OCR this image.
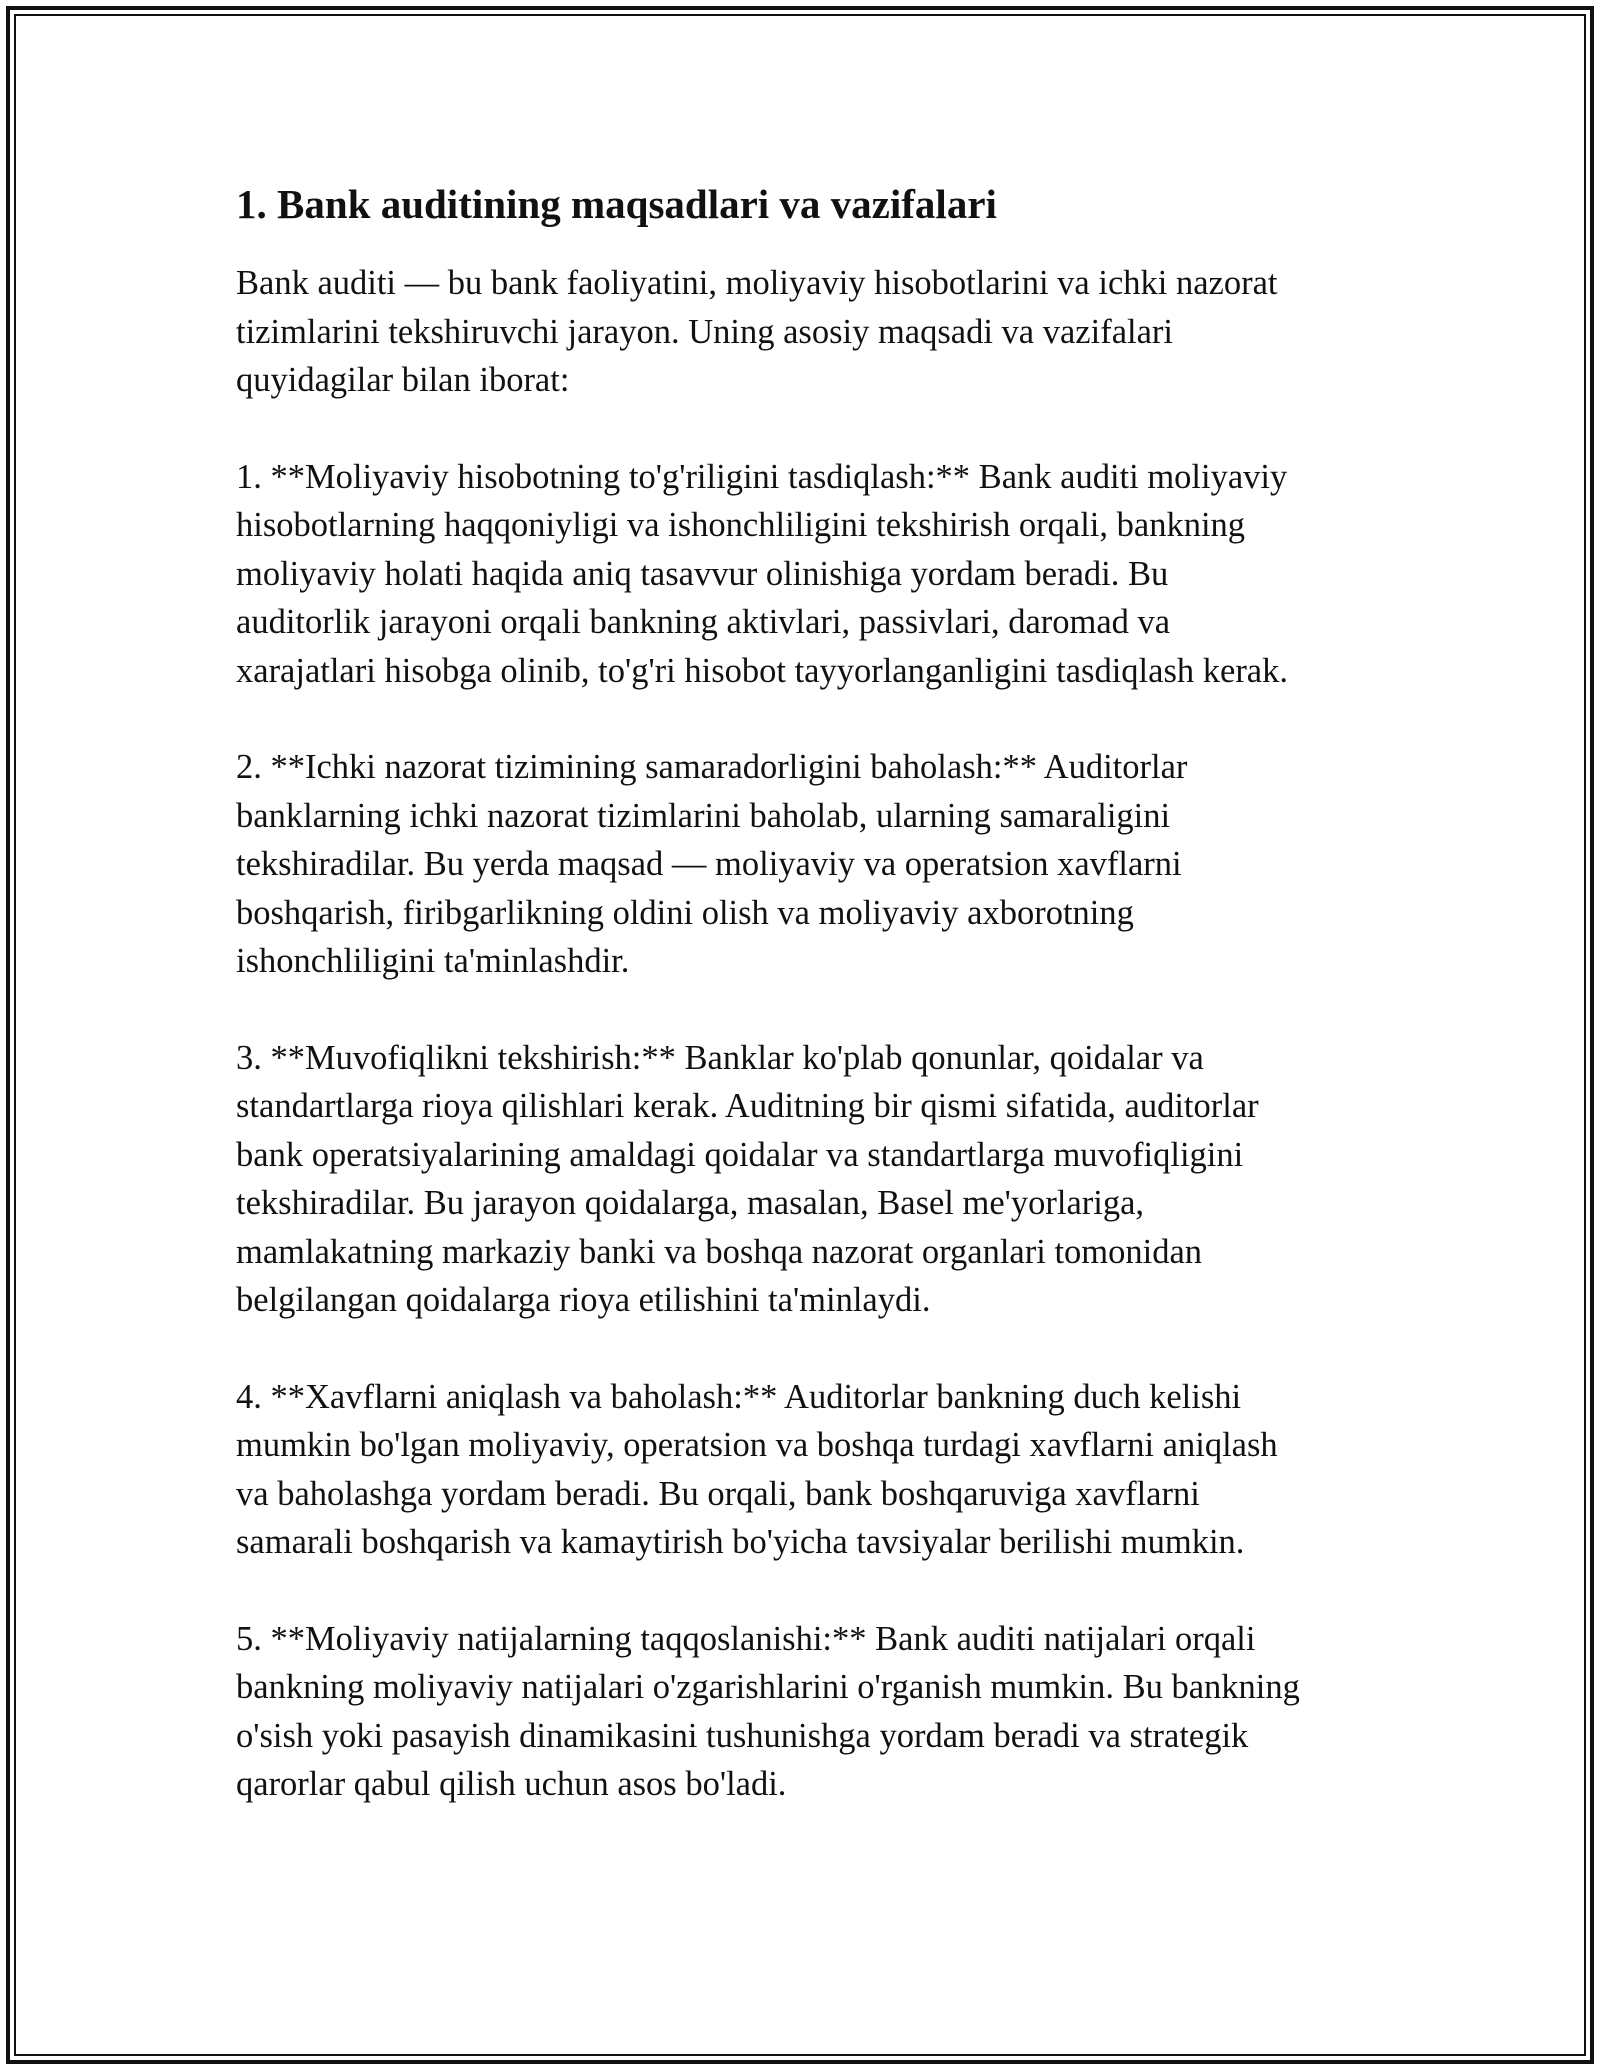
1. Bank auditining maqsadlari va vazifalari

Bank auditi — bu bank faoliyatini, moliyaviy hisobotlarini va ichki nazorat
tizimlarini tekshiruvchi jarayon. Uning asosiy maqsadi va vazifalari
quyidagilar bilan iborat:

1. **Moliyaviy hisobotning to'g'riligini tasdiqlash:** Bank auditi moliyaviy
hisobotlarning haqqoniyligi va ishonchliligini tekshirish orqali, bankning
moliyaviy holati haqida aniq tasavvur olinishiga yordam beradi. Bu
auditorlik jarayoni orqali bankning aktivlari, passivlari, daromad va
xarajatlari hisobga olinib, to'g'ri hisobot tayyorlanganligini tasdiqlash kerak.

2. **Ichki nazorat tizimining samaradorligini baholash:** Auditorlar
banklarning ichki nazorat tizimlarini baholab, ularning samaraligini
tekshiradilar. Bu yerda maqsad — moliyaviy va operatsion xavflarni
boshqarish, firibgarlikning oldini olish va moliyaviy axborotning
ishonchliligini ta'minlashdir.

3. **Muvofiqlikni tekshirish:** Banklar ko'plab qonunlar, qoidalar va
standartlarga rioya qilishlari kerak. Auditning bir qismi sifatida, auditorlar
bank operatsiyalarining amaldagi qoidalar va standartlarga muvofiqligini
tekshiradilar. Bu jarayon qoidalarga, masalan, Basel me'yorlariga,
mamlakatning markaziy banki va boshqa nazorat organlari tomonidan
belgilangan qoidalarga rioya etilishini ta'minlaydi.

4. **Xavflarni aniqlash va baholash:** Auditorlar bankning duch kelishi
mumkin bo'lgan moliyaviy, operatsion va boshqa turdagi xavflarni aniqlash
va baholashga yordam beradi. Bu orqali, bank boshqaruviga xavflarni
samarali boshqarish va kamaytirish bo'yicha tavsiyalar berilishi mumkin.

5. **Moliyaviy natijalarning taqqoslanishi:** Bank auditi natijalari orqali
bankning moliyaviy natijalari o'zgarishlarini o'rganish mumkin. Bu bankning
o'sish yoki pasayish dinamikasini tushunishga yordam beradi va strategik
qarorlar qabul qilish uchun asos bo'ladi.
